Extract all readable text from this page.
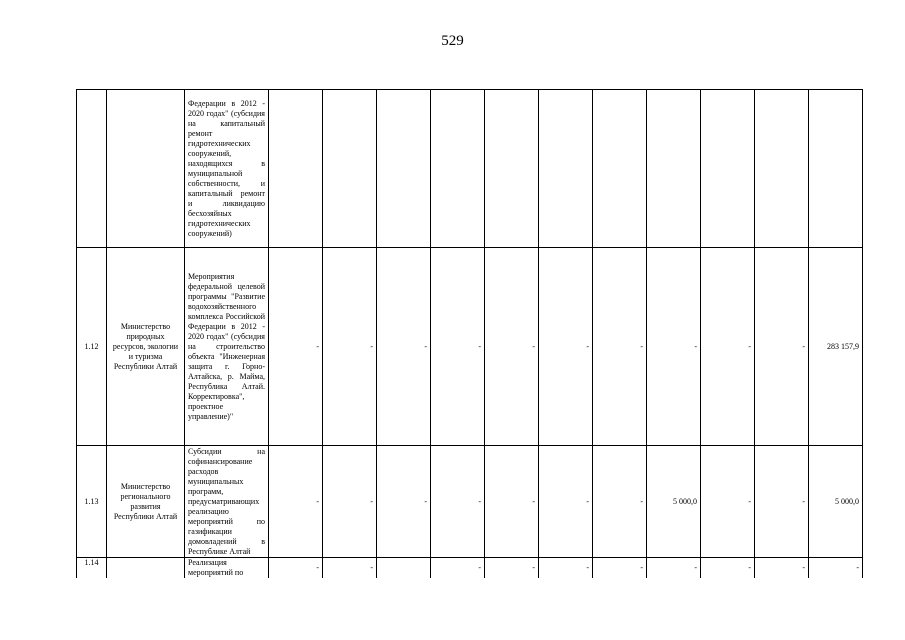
529
		Федерации в 2012 - 2020 годах" (субсидия на капитальный ремонт гидротехнических сооружений, находящихся в муниципальной собственности, и капитальный ремонт и ликвидацию бесхозяйных гидротехнических сооружений)											
1.12	Министерство природных ресурсов, экологии и туризма Республики Алтай	Мероприятия федеральной целевой программы "Развитие водохозяйственного комплекса Российской Федерации в 2012 - 2020 годах" (субсидия на строительство объекта "Инженерная защита г. Горно-Алтайска, р. Майма, Республика Алтай. Корректировка", проектное управление)"	-	-	-	-	-	-	-	-	-	-	283 157,9
1.13	Министерство регионального развития Республики Алтай	Субсидии на софинансирование расходов муниципальных программ, предусматривающих реализацию мероприятий по газификации домовладений в Республике Алтай	-	-	-	-	-	-	-	5 000,0	-	-	5 000,0
1.14		Реализация мероприятий по	-	-		-	-	-	-	-	-	-	-
